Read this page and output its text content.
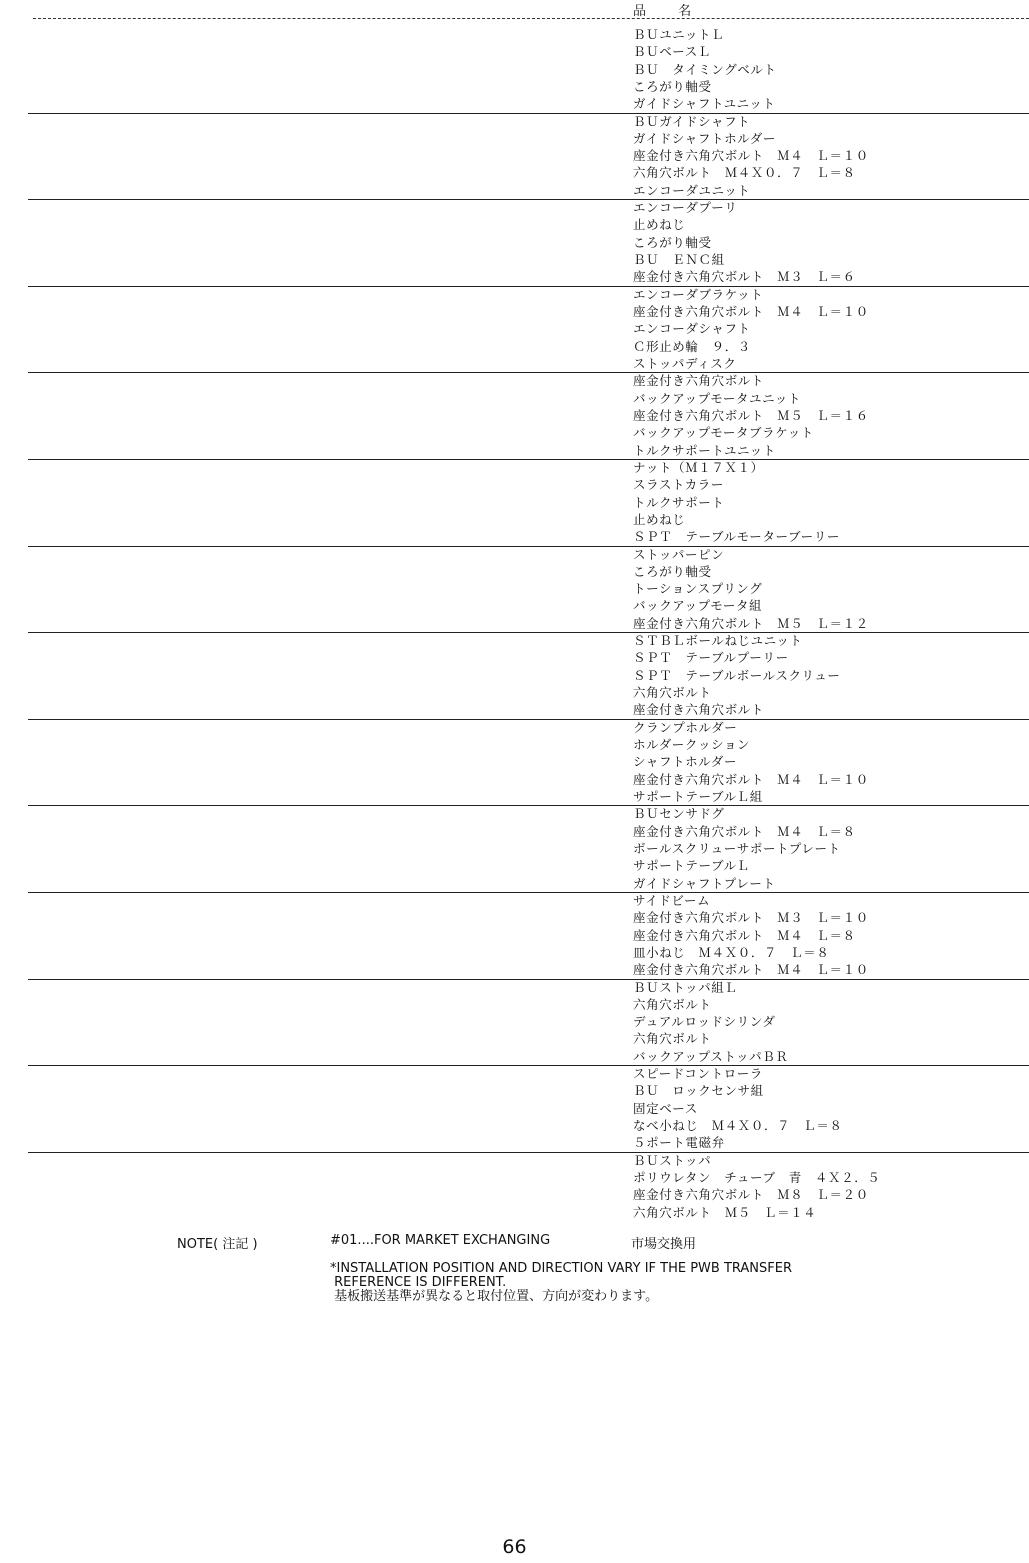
品 名
ＢＵユニットＬ
ＢＵベースＬ
ＢＵ　タイミングベルト
ころがり軸受
ガイドシャフトユニット
ＢＵガイドシャフト
ガイドシャフトホルダー
座金付き六角穴ボルト　Ｍ４　Ｌ＝１０
六角穴ボルト　Ｍ４Ｘ０．７　Ｌ＝８
エンコーダユニット
エンコーダプーリ
止めねじ
ころがり軸受
ＢＵ　ＥＮＣ組
座金付き六角穴ボルト　Ｍ３　Ｌ＝６
エンコーダブラケット
座金付き六角穴ボルト　Ｍ４　Ｌ＝１０
エンコーダシャフト
Ｃ形止め輪　９．３
ストッパディスク
座金付き六角穴ボルト
バックアップモータユニット
座金付き六角穴ボルト　Ｍ５　Ｌ＝１６
バックアップモータブラケット
トルクサポートユニット
ナット（Ｍ１７Ｘ１）
スラストカラー
トルクサポート
止めねじ
ＳＰＴ　テーブルモーターブーリー
ストッパーピン
ころがり軸受
トーションスプリング
バックアップモータ組
座金付き六角穴ボルト　Ｍ５　Ｌ＝１２
ＳＴＢＬボールねじユニット
ＳＰＴ　テーブルプーリー
ＳＰＴ　テーブルボールスクリュー
六角穴ボルト
座金付き六角穴ボルト
クランプホルダー
ホルダークッション
シャフトホルダー
座金付き六角穴ボルト　Ｍ４　Ｌ＝１０
サポートテーブルＬ組
ＢＵセンサドグ
座金付き六角穴ボルト　Ｍ４　Ｌ＝８
ボールスクリューサポートプレート
サポートテーブルＬ
ガイドシャフトプレート
サイドビーム
座金付き六角穴ボルト　Ｍ３　Ｌ＝１０
座金付き六角穴ボルト　Ｍ４　Ｌ＝８
皿小ねじ　Ｍ４Ｘ０．７　Ｌ＝８
座金付き六角穴ボルト　Ｍ４　Ｌ＝１０
ＢＵストッパ組Ｌ
六角穴ボルト
デュアルロッドシリンダ
六角穴ボルト
バックアップストッパＢＲ
スピードコントローラ
ＢＵ　ロックセンサ組
固定ベース
なべ小ねじ　Ｍ４Ｘ０．７　Ｌ＝８
５ポート電磁弁
ＢＵストッパ
ポリウレタン　チューブ　青　４Ｘ２．５
座金付き六角穴ボルト　Ｍ８　Ｌ＝２０
六角穴ボルト　Ｍ５　Ｌ＝１４
NOTE( 注記 )	#01....FOR MARKET EXCHANGING	市場交換用
*INSTALLATION POSITION AND DIRECTION VARY IF THE PWB TRANSFER
REFERENCE IS DIFFERENT.
基板搬送基準が異なると取付位置、方向が変わります。
66
